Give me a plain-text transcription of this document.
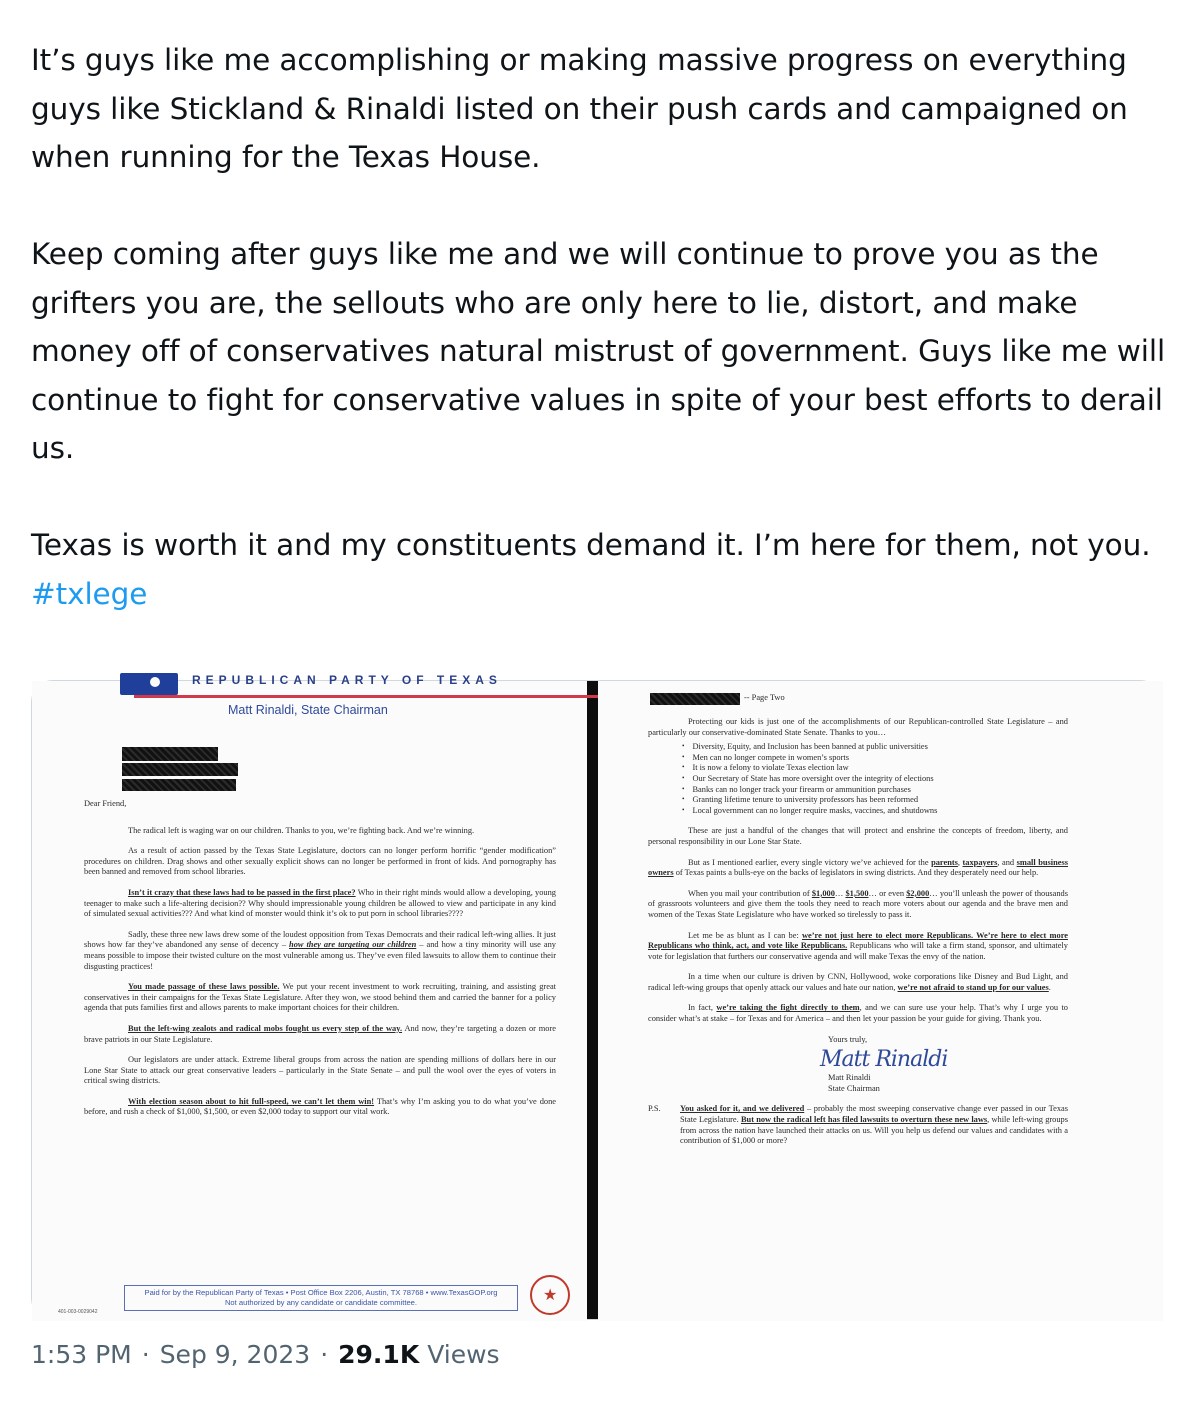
It’s guys like me accomplishing or making massive progress on everything guys like Stickland & Rinaldi listed on their push cards and campaigned on when running for the Texas House.

Keep coming after guys like me and we will continue to prove you as the grifters you are, the sellouts who are only here to lie, distort, and make money off of conservatives natural mistrust of government. Guys like me will continue to fight for conservative values in spite of your best efforts to derail us.

Texas is worth it and my constituents demand it. I’m here for them, not you.

#txlege

REPUBLICAN PARTY OF TEXAS
Matt Rinaldi, State Chairman

Dear Friend,

The radical left is waging war on our children. Thanks to you, we’re fighting back. And we’re winning.

As a result of action passed by the Texas State Legislature, doctors can no longer perform horrific “gender modification” procedures on children. Drag shows and other sexually explicit shows can no longer be performed in front of kids. And pornography has been banned and removed from school libraries.

Isn’t it crazy that these laws had to be passed in the first place? Who in their right minds would allow a developing, young teenager to make such a life-altering decision?? Why should impressionable young children be allowed to view and participate in any kind of simulated sexual activities??? And what kind of monster would think it’s ok to put porn in school libraries????

Sadly, these three new laws drew some of the loudest opposition from Texas Democrats and their radical left-wing allies. It just shows how far they’ve abandoned any sense of decency – how they are targeting our children – and how a tiny minority will use any means possible to impose their twisted culture on the most vulnerable among us. They’ve even filed lawsuits to allow them to continue their disgusting practices!

You made passage of these laws possible. We put your recent investment to work recruiting, training, and assisting great conservatives in their campaigns for the Texas State Legislature. After they won, we stood behind them and carried the banner for a policy agenda that puts families first and allows parents to make important choices for their children.

But the left-wing zealots and radical mobs fought us every step of the way. And now, they’re targeting a dozen or more brave patriots in our State Legislature.

Our legislators are under attack. Extreme liberal groups from across the nation are spending millions of dollars here in our Lone Star State to attack our great conservative leaders – particularly in the State Senate – and pull the wool over the eyes of voters in critical swing districts.

With election season about to hit full-speed, we can’t let them win! That’s why I’m asking you to do what you’ve done before, and rush a check of $1,000, $1,500, or even $2,000 today to support our vital work.

Paid for by the Republican Party of Texas • Post Office Box 2206, Austin, TX 78768 • www.TexasGOP.org
Not authorized by any candidate or candidate committee.
★
401-003-0029042
-- Page Two

Protecting our kids is just one of the accomplishments of our Republican-controlled State Legislature – and particularly our conservative-dominated State Senate. Thanks to you…

• Diversity, Equity, and Inclusion has been banned at public universities
• Men can no longer compete in women’s sports
• It is now a felony to violate Texas election law
• Our Secretary of State has more oversight over the integrity of elections
• Banks can no longer track your firearm or ammunition purchases
• Granting lifetime tenure to university professors has been reformed
• Local government can no longer require masks, vaccines, and shutdowns

These are just a handful of the changes that will protect and enshrine the concepts of freedom, liberty, and personal responsibility in our Lone Star State.

But as I mentioned earlier, every single victory we’ve achieved for the parents, taxpayers, and small business owners of Texas paints a bulls-eye on the backs of legislators in swing districts. And they desperately need our help.

When you mail your contribution of $1,000… $1,500… or even $2,000… you’ll unleash the power of thousands of grassroots volunteers and give them the tools they need to reach more voters about our agenda and the brave men and women of the Texas State Legislature who have worked so tirelessly to pass it.

Let me be as blunt as I can be: we’re not just here to elect more Republicans. We’re here to elect more Republicans who think, act, and vote like Republicans. Republicans who will take a firm stand, sponsor, and ultimately vote for legislation that furthers our conservative agenda and will make Texas the envy of the nation.

In a time when our culture is driven by CNN, Hollywood, woke corporations like Disney and Bud Light, and radical left-wing groups that openly attack our values and hate our nation, we’re not afraid to stand up for our values.

In fact, we’re taking the fight directly to them, and we can sure use your help. That’s why I urge you to consider what’s at stake – for Texas and for America – and then let your passion be your guide for giving. Thank you.

Yours truly,
Matt Rinaldi
Matt Rinaldi
State Chairman
P.S.	You asked for it, and we delivered – probably the most sweeping conservative change ever passed in our Texas State Legislature. But now the radical left has filed lawsuits to overturn these new laws, while left-wing groups from across the nation have launched their attacks on us. Will you help us defend our values and candidates with a contribution of $1,000 or more?
1:53 PM · Sep 9, 2023 · 29.1K Views
